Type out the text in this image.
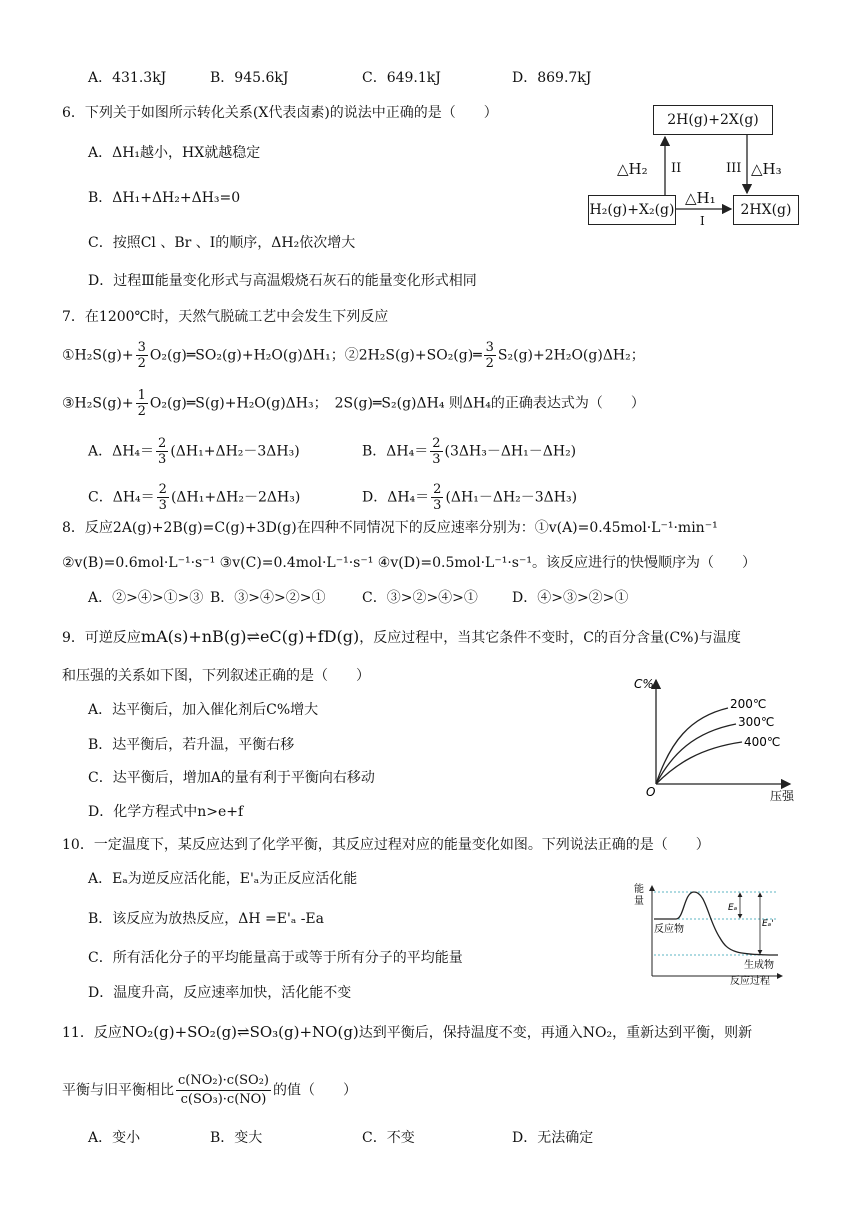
A．431.3kJ	B．945.6kJ	C．649.1kJ	D．869.7kJ
6．下列关于如图所示转化关系(X代表卤素)的说法中正确的是（　　）
A．ΔH₁越小，HX就越稳定
B．ΔH₁+ΔH₂+ΔH₃=0
C．按照Cl 、Br 、I的顺序，ΔH₂依次增大
D．过程Ⅲ能量变化形式与高温煅烧石灰石的能量变化形式相同
2H(g)+2X(g)
H₂(g)+X₂(g)	2HX(g)
△H₂ II	III △H₃
△H₁
I
7．在1200℃时，天然气脱硫工艺中会发生下列反应
①H₂S(g)+ $\frac{3}{2}$ O₂(g)═SO₂(g)+H₂O(g)ΔH₁；②2H₂S(g)+SO₂(g)═ $\frac{3}{2} S_2(g)+2H_2O(g)\Delta H_2$；
③H₂S(g)+ $\frac{1}{2}$ O₂(g)═S(g)+H₂O(g)ΔH₃；　2S(g)═S₂(g)ΔH₄ 则ΔH₄的正确表达式为（　　）
A．$\Delta H_4= \frac{2}{3} (\Delta H_1+\Delta H_2-3\Delta H_3)$	B．$\Delta H_4= \frac{2}{3} (3\Delta H_3-\Delta H_1-\Delta H_2)$
C．$\Delta H_4= \frac{2}{3} (\Delta H_1+\Delta H_2-2\Delta H_3)$	D．$\Delta H_4= \frac{2}{3} (\Delta H_1-\Delta H_2-3\Delta H_3)$
8．反应2A(g)+2B(g)=C(g)+3D(g)在四种不同情况下的反应速率分别为：①v(A)=0.45mol·L⁻¹·min⁻¹
②v(B)=0.6mol·L⁻¹·s⁻¹ ③v(C)=0.4mol·L⁻¹·s⁻¹ ④v(D)=0.5mol·L⁻¹·s⁻¹。该反应进行的快慢顺序为（　　）
A．②>④>①>③ B．③>④>②>①	C．③>②>④>① D．④>③>②>①
9．可逆反应mA(s)+nB(g)⇌eC(g)+fD(g)，反应过程中，当其它条件不变时，C的百分含量(C%)与温度
和压强的关系如下图，下列叙述正确的是（　　）
A．达平衡后，加入催化剂后C%增大
B．达平衡后，若升温，平衡右移
C．达平衡后，增加A的量有利于平衡向右移动
D．化学方程式中n>e+f
C%
压强
O
200℃
300℃
400℃
10．一定温度下，某反应达到了化学平衡，其反应过程对应的能量变化如图。下列说法正确的是（　　）
A．Eₐ为逆反应活化能，E'ₐ为正反应活化能
B．该反应为放热反应，ΔH =E'ₐ -Ea
C．所有活化分子的平均能量高于或等于所有分子的平均能量
D．温度升高，反应速率加快，活化能不变
能
量
反应物
生成物
反应过程
Eₐ
Eₐ'
11．反应NO₂(g)+SO₂(g)⇌SO₃(g)+NO(g)达到平衡后，保持温度不变，再通入NO₂，重新达到平衡，则新
平衡与旧平衡相比 $\frac{\text{c(NO₂)·c(SO₂)}}{\text{c(SO₃)·c(NO)}}$ 的值（　　）
A．变小	B．变大	C．不变	D．无法确定
